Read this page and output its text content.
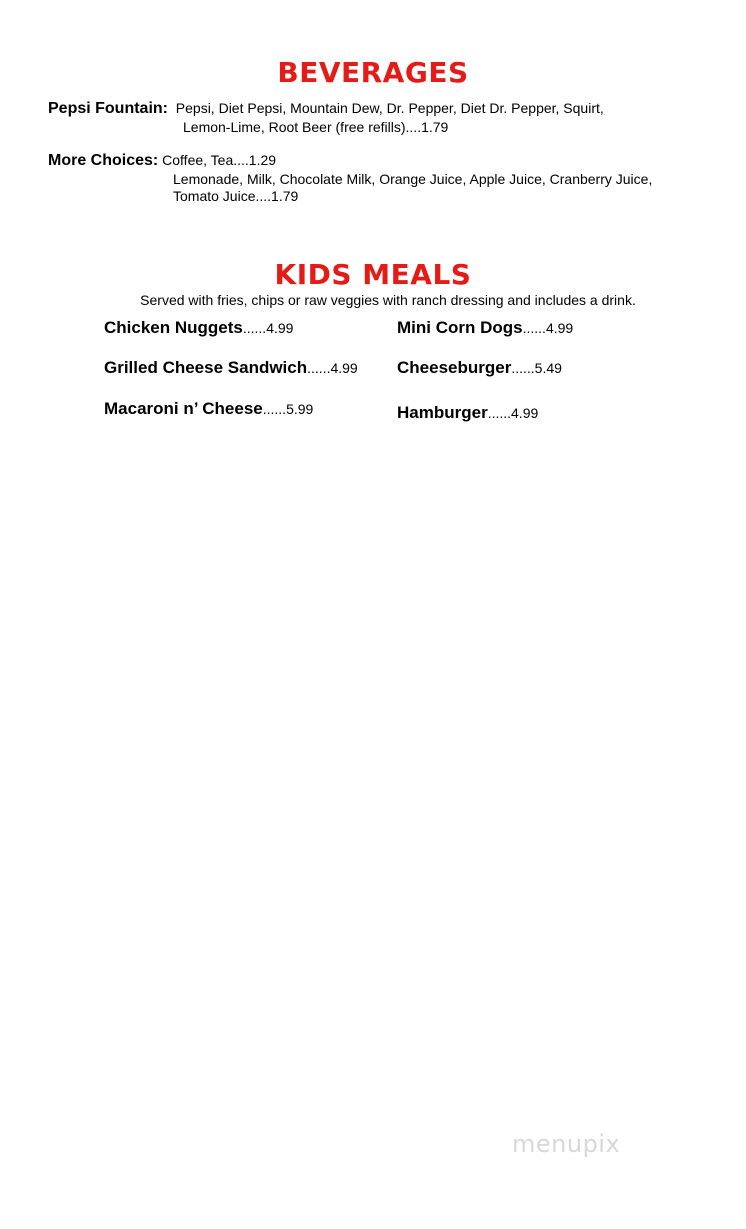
BEVERAGES
Pepsi Fountain: Pepsi, Diet Pepsi, Mountain Dew, Dr. Pepper, Diet Dr. Pepper, Squirt,
Lemon-Lime, Root Beer (free refills)....1.79
More Choices: Coffee, Tea....1.29
Lemonade, Milk, Chocolate Milk, Orange Juice, Apple Juice, Cranberry Juice,
Tomato Juice....1.79
KIDS MEALS
Served with fries, chips or raw veggies with ranch dressing and includes a drink.
Chicken Nuggets......4.99
Grilled Cheese Sandwich......4.99
Macaroni n’ Cheese......5.99
Mini Corn Dogs......4.99
Cheeseburger......5.49
Hamburger......4.99
menupix
